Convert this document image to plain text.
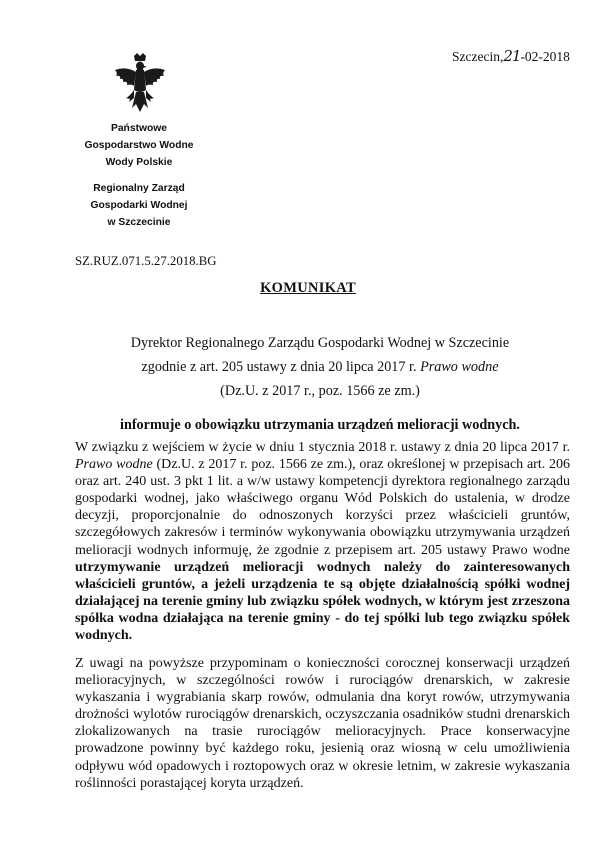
Szczecin,21-02-2018
Państwowe
Gospodarstwo Wodne
Wody Polskie
Regionalny Zarząd
Gospodarki Wodnej
w Szczecinie
SZ.RUZ.071.5.27.2018.BG
KOMUNIKAT
Dyrektor Regionalnego Zarządu Gospodarki Wodnej w Szczecinie
zgodnie z art. 205 ustawy z dnia 20 lipca 2017 r. Prawo wodne
(Dz.U. z 2017 r., poz. 1566 ze zm.)
informuje o obowiązku utrzymania urządzeń melioracji wodnych.
W związku z wejściem w życie w dniu 1 stycznia 2018 r. ustawy z dnia 20 lipca 2017 r. Prawo wodne (Dz.U. z 2017 r. poz. 1566 ze zm.), oraz określonej w przepisach art. 206 oraz art. 240 ust. 3 pkt 1 lit. a w/w ustawy kompetencji dyrektora regionalnego zarządu gospodarki wodnej, jako właściwego organu Wód Polskich do ustalenia, w drodze decyzji, proporcjonalnie do odnoszonych korzyści przez właścicieli gruntów, szczegółowych zakresów i terminów wykonywania obowiązku utrzymywania urządzeń melioracji wodnych informuję, że zgodnie z przepisem art. 205 ustawy Prawo wodne utrzymywanie urządzeń melioracji wodnych należy do zainteresowanych właścicieli gruntów, a jeżeli urządzenia te są objęte działalnością spółki wodnej działającej na terenie gminy lub związku spółek wodnych, w którym jest zrzeszona spółka wodna działająca na terenie gminy - do tej spółki lub tego związku spółek wodnych.
Z uwagi na powyższe przypominam o konieczności corocznej konserwacji urządzeń melioracyjnych, w szczególności rowów i rurociągów drenarskich, w zakresie wykaszania i wygrabiania skarp rowów, odmulania dna koryt rowów, utrzymywania drożności wylotów rurociągów drenarskich, oczyszczania osadników studni drenarskich zlokalizowanych na trasie rurociągów melioracyjnych. Prace konserwacyjne prowadzone powinny być każdego roku, jesienią oraz wiosną w celu umożliwienia odpływu wód opadowych i roztopowych oraz w okresie letnim, w zakresie wykaszania roślinności porastającej koryta urządzeń.
